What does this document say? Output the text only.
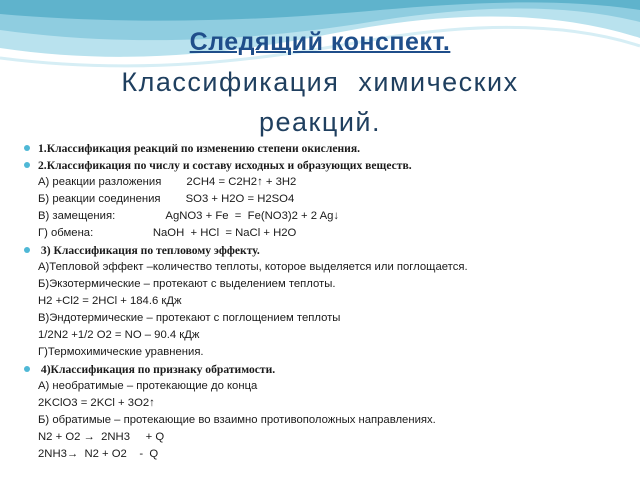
Следящий конспект.
Классификация химических
реакций.
1.Классификация реакций по изменению степени окисления.
2.Классификация по числу и составу исходных и образующих веществ.
А) реакции разложения        2CH4 = C2H2↑ + 3H2
Б) реакции соединения        SO3 + H2O = H2SO4
В) замещения:                AgNO3 + Fe  =  Fe(NO3)2 + 2 Ag↓
Г) обмена:                   NaOH  + HCl  = NaCl + H2O
3) Классификация по тепловому эффекту.
А)Тепловой эффект –количество теплоты, которое выделяется или поглощается.
Б)Экзотермические – протекают с выделением теплоты.
H2 +Cl2 = 2HCl + 184.6 кДж
В)Эндотермические – протекают с поглощением теплоты
1/2N2 +1/2 O2 = NO – 90.4 кДж
Г)Термохимические уравнения.
4)Классификация по признаку обратимости.
А) необратимые – протекающие до конца
2KClO3 = 2KCl + 3O2↑
Б) обратимые – протекающие во взаимно противоположных направлениях.
N2 + O2 →  2NH3     + Q
2NH3→  N2 + O2    -  Q
